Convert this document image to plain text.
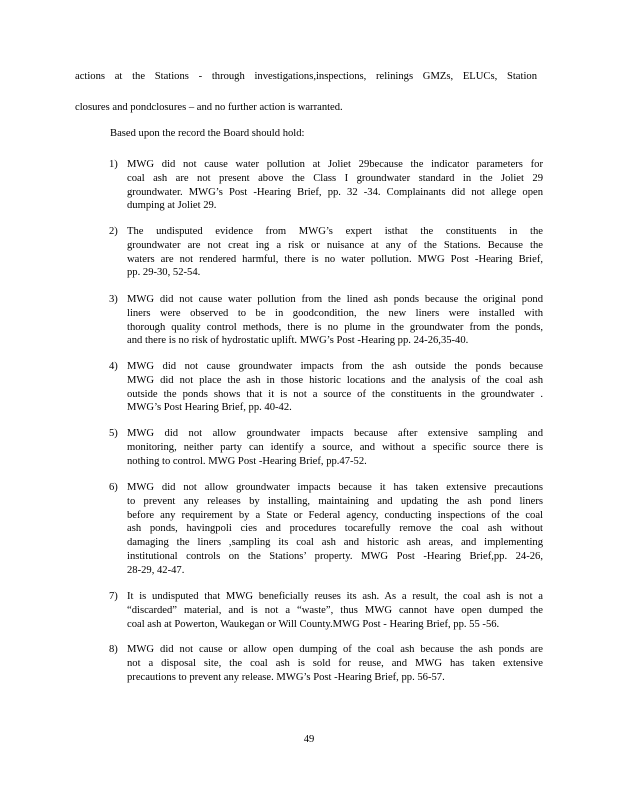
actions at the Stations - through investigations,inspections, relinings GMZs, ELUCs, Station
closures and pondclosures – and no further action is warranted.
Based upon the record the Board should hold:
1) MWG did not cause water pollution at Joliet 29because the indicator parameters for
coal ash are not present above the Class I groundwater standard in the Joliet 29
groundwater. MWG’s Post -Hearing Brief, pp. 32 -34. Complainants did not allege open
dumping at Joliet 29.
2) The undisputed evidence from MWG’s expert isthat the constituents in the
groundwater are not creat ing a risk or nuisance at any of the Stations. Because the
waters are not rendered harmful, there is no water pollution. MWG Post -Hearing Brief,
pp. 29-30, 52-54.
3) MWG did not cause water pollution from the lined ash ponds because the original pond
liners were observed to be in goodcondition, the new liners were installed with
thorough quality control methods, there is no plume in the groundwater from the ponds,
and there is no risk of hydrostatic uplift. MWG’s Post -Hearing pp. 24-26,35-40.
4) MWG did not cause groundwater impacts from the ash outside the ponds because
MWG did not place the ash in those historic locations and the analysis of the coal ash
outside the ponds shows that it is not a source of the constituents in the groundwater .
MWG’s Post Hearing Brief, pp. 40-42.
5) MWG did not allow groundwater impacts because after extensive sampling and
monitoring, neither party can identify a source, and without a specific source there is
nothing to control. MWG Post -Hearing Brief, pp.47-52.
6) MWG did not allow groundwater impacts because it has taken extensive precautions
to prevent any releases by installing, maintaining and updating the ash pond liners
before any requirement by a State or Federal agency, conducting inspections of the coal
ash ponds, havingpoli cies and procedures tocarefully remove the coal ash without
damaging the liners ,sampling its coal ash and historic ash areas, and implementing
institutional controls on the Stations’ property. MWG Post -Hearing Brief,pp. 24-26,
28-29, 42-47.
7) It is undisputed that MWG beneficially reuses its ash. As a result, the coal ash is not a
“discarded” material, and is not a “waste”, thus MWG cannot have open dumped the
coal ash at Powerton, Waukegan or Will County.MWG Post - Hearing Brief, pp. 55 -56.
8) MWG did not cause or allow open dumping of the coal ash because the ash ponds are
not a disposal site, the coal ash is sold for reuse, and MWG has taken extensive
precautions to prevent any release. MWG’s Post -Hearing Brief, pp. 56-57.
49
